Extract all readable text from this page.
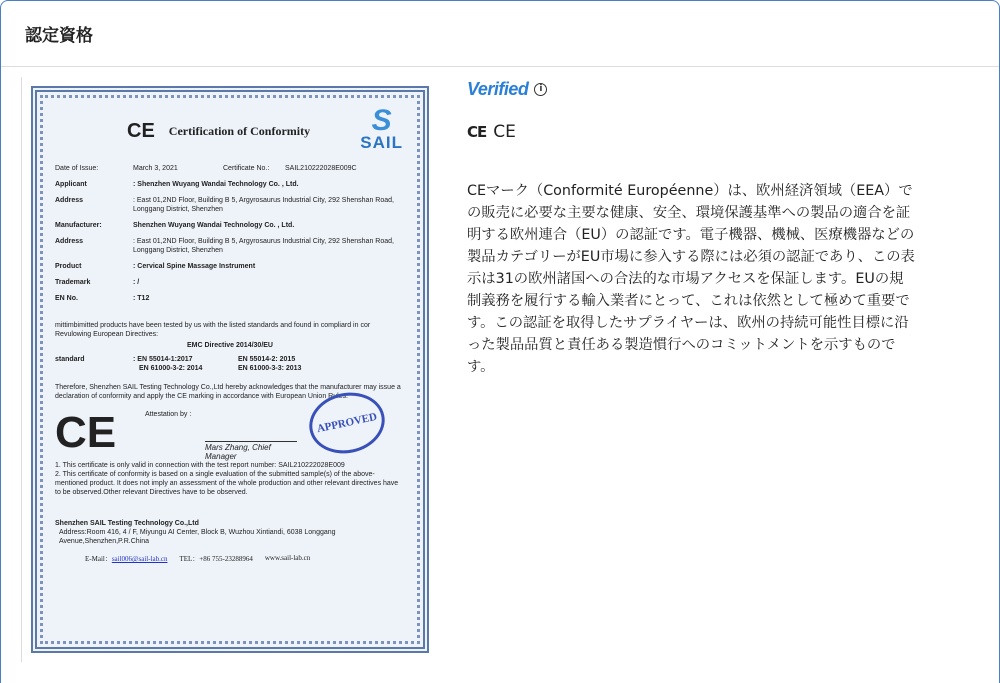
認定資格
CE Certification of Conformity	S
SAIL
Date of Issue:	March 3, 2021	Certificate No.:	SAIL210222028E009C
Applicant	: Shenzhen Wuyang Wandai Technology Co. , Ltd.
Address	: East 01,2ND Floor, Building B 5, Argyrosaurus Industrial City, 292 Shenshan Road, Longgang District, Shenzhen
Manufacturer:	Shenzhen Wuyang Wandai Technology Co. , Ltd.
Address	: East 01,2ND Floor, Building B 5, Argyrosaurus Industrial City, 292 Shenshan Road, Longgang District, Shenzhen
Product	: Cervical Spine Massage Instrument
Trademark	: /
EN No.	: T12
mittimbimitted products have been tested by us with the listed standards and found in compliard in cor Revulowing European Directives:
EMC Directive 2014/30/EU
standard	: EN 55014-1:2017	EN 55014-2: 2015
EN 61000-3-2: 2014	EN 61000-3-3: 2013
Therefore, Shenzhen SAIL Testing Technology Co.,Ltd hereby acknowledges that the manufacturer may issue a declaration of conformity and apply the CE marking in accordance with European Union Rules.
CE	Attestation by :
Mars Zhang, Chief Manager
APPROVED
1. This certificate is only valid in connection with the test report number: SAIL210222028E009
2. This certificate of conformity is based on a single evaluation of the submitted sample(s) of the above-mentioned product. It does not imply an assessment of the whole production and other relevant directives have to be observed.Other relevant Directives have to be observed.
Shenzhen SAIL Testing Technology Co.,Ltd
Address:Room 416, 4 / F, Miyungu AI Center, Block B, Wuzhou Xintiandi, 6038 Longgang Avenue,Shenzhen,P.R.China
E-Mail：sail006@sail-lab.cn TEL：+86 755-23288964 www.sail-lab.cn
Verified	i
CE CE

CEマーク（Conformité Européenne）は、欧州経済領域（EEA）での販売に必要な主要な健康、安全、環境保護基準への製品の適合を証明する欧州連合（EU）の認証です。電子機器、機械、医療機器などの製品カテゴリーがEU市場に参入する際には必須の認証であり、この表示は31の欧州諸国への合法的な市場アクセスを保証します。EUの規制義務を履行する輸入業者にとって、これは依然として極めて重要です。この認証を取得したサプライヤーは、欧州の持続可能性目標に沿った製品品質と責任ある製造慣行へのコミットメントを示すものです。
